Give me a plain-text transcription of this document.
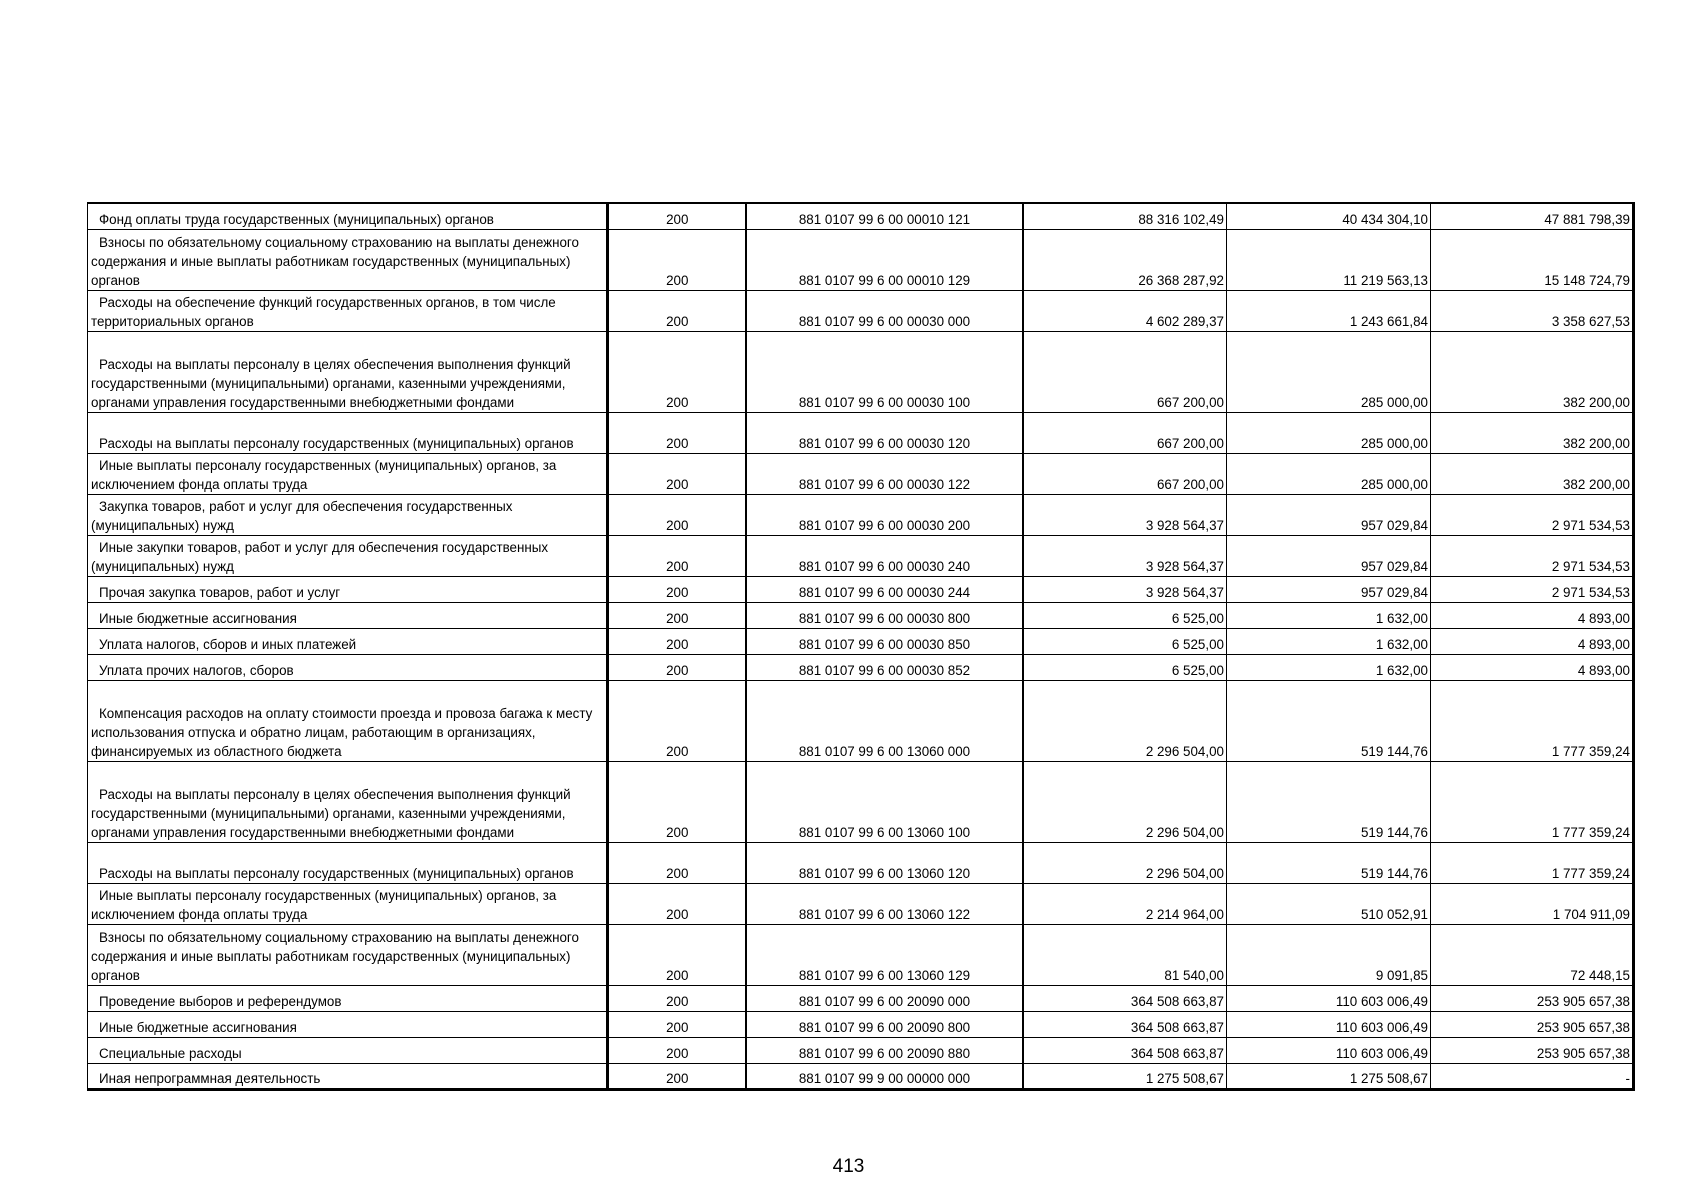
Фонд оплаты труда государственных (муниципальных) органов	200	881 0107 99 6 00 00010 121	88 316 102,49	40 434 304,10	47 881 798,39
Взносы по обязательному социальному страхованию на выплаты денежного содержания и иные выплаты работникам государственных (муниципальных) органов	200	881 0107 99 6 00 00010 129	26 368 287,92	11 219 563,13	15 148 724,79
Расходы на обеспечение функций государственных органов, в том числе территориальных органов	200	881 0107 99 6 00 00030 000	4 602 289,37	1 243 661,84	3 358 627,53
Расходы на выплаты персоналу в целях обеспечения выполнения функций государственными (муниципальными) органами, казенными учреждениями, органами управления государственными внебюджетными фондами	200	881 0107 99 6 00 00030 100	667 200,00	285 000,00	382 200,00
Расходы на выплаты персоналу государственных (муниципальных) органов	200	881 0107 99 6 00 00030 120	667 200,00	285 000,00	382 200,00
Иные выплаты персоналу государственных (муниципальных) органов, за исключением фонда оплаты труда	200	881 0107 99 6 00 00030 122	667 200,00	285 000,00	382 200,00
Закупка товаров, работ и услуг для обеспечения государственных (муниципальных) нужд	200	881 0107 99 6 00 00030 200	3 928 564,37	957 029,84	2 971 534,53
Иные закупки товаров, работ и услуг для обеспечения государственных (муниципальных) нужд	200	881 0107 99 6 00 00030 240	3 928 564,37	957 029,84	2 971 534,53
Прочая закупка товаров, работ и услуг	200	881 0107 99 6 00 00030 244	3 928 564,37	957 029,84	2 971 534,53
Иные бюджетные ассигнования	200	881 0107 99 6 00 00030 800	6 525,00	1 632,00	4 893,00
Уплата налогов, сборов и иных платежей	200	881 0107 99 6 00 00030 850	6 525,00	1 632,00	4 893,00
Уплата прочих налогов, сборов	200	881 0107 99 6 00 00030 852	6 525,00	1 632,00	4 893,00
Компенсация расходов на оплату стоимости проезда и провоза багажа к месту использования отпуска и обратно лицам, работающим в организациях, финансируемых из областного бюджета	200	881 0107 99 6 00 13060 000	2 296 504,00	519 144,76	1 777 359,24
Расходы на выплаты персоналу в целях обеспечения выполнения функций государственными (муниципальными) органами, казенными учреждениями, органами управления государственными внебюджетными фондами	200	881 0107 99 6 00 13060 100	2 296 504,00	519 144,76	1 777 359,24
Расходы на выплаты персоналу государственных (муниципальных) органов	200	881 0107 99 6 00 13060 120	2 296 504,00	519 144,76	1 777 359,24
Иные выплаты персоналу государственных (муниципальных) органов, за исключением фонда оплаты труда	200	881 0107 99 6 00 13060 122	2 214 964,00	510 052,91	1 704 911,09
Взносы по обязательному социальному страхованию на выплаты денежного содержания и иные выплаты работникам государственных (муниципальных) органов	200	881 0107 99 6 00 13060 129	81 540,00	9 091,85	72 448,15
Проведение выборов и референдумов	200	881 0107 99 6 00 20090 000	364 508 663,87	110 603 006,49	253 905 657,38
Иные бюджетные ассигнования	200	881 0107 99 6 00 20090 800	364 508 663,87	110 603 006,49	253 905 657,38
Специальные расходы	200	881 0107 99 6 00 20090 880	364 508 663,87	110 603 006,49	253 905 657,38
Иная непрограммная деятельность	200	881 0107 99 9 00 00000 000	1 275 508,67	1 275 508,67	-
413
